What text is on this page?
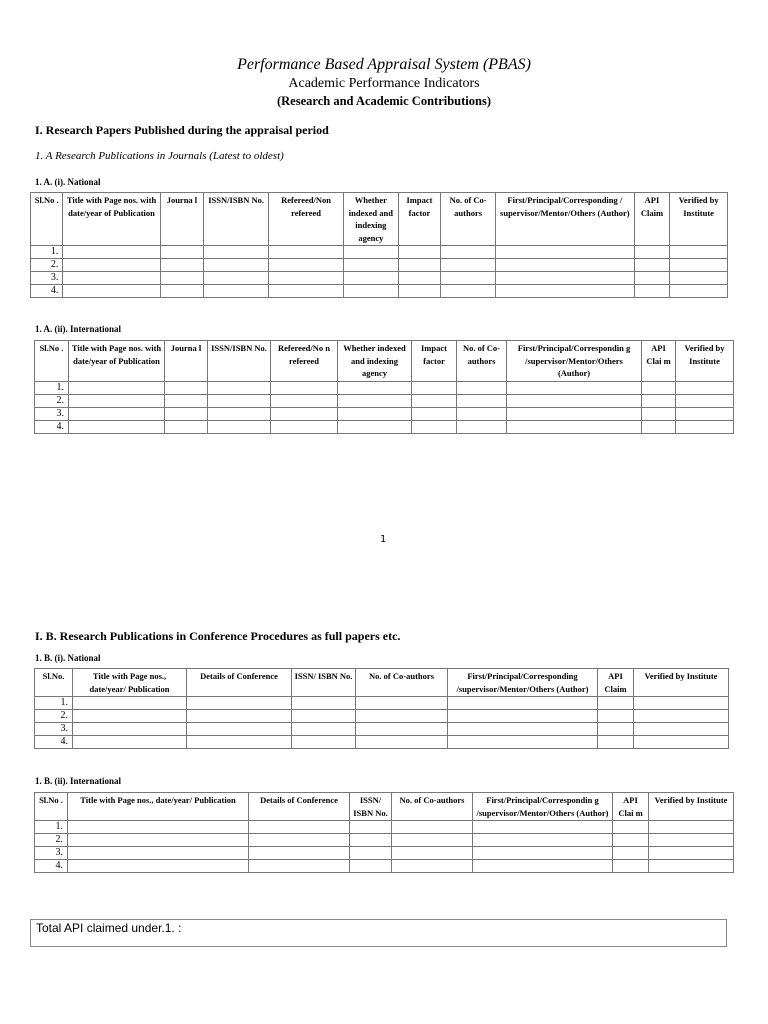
Performance Based Appraisal System (PBAS)
Academic Performance Indicators
(Research and Academic Contributions)
I. Research Papers Published during the appraisal period
1. A Research Publications in Journals (Latest to oldest)
1. A. (i). National
Sl.No .	Title with Page nos. with date/year of Publication	Journa l	ISSN/ISBN No.	Refereed/Non refereed	Whether indexed and indexing agency	Impact factor	No. of Co-authors	First/Principal/Corresponding / supervisor/Mentor/Others (Author)	API Claim	Verified by Institute
1.										
2.										
3.										
4.										
1. A. (ii). International
Sl.No .	Title with Page nos. with date/year of Publication	Journa l	ISSN/ISBN No.	Refereed/No n refereed	Whether indexed and indexing agency	Impact factor	No. of Co-authors	First/Principal/Correspondin g /supervisor/Mentor/Others (Author)	API Clai m	Verified by Institute
1.										
2.										
3.										
4.										
1
I. B. Research Publications in Conference Procedures as full papers etc.
1. B. (i). National
Sl.No.	Title with Page nos., date/year/ Publication	Details of Conference	ISSN/ ISBN No.	No. of Co-authors	First/Principal/Corresponding /supervisor/Mentor/Others (Author)	API Claim	Verified by Institute
1.							
2.							
3.							
4.							
1. B. (ii). International
Sl.No .	Title with Page nos., date/year/ Publication	Details of Conference	ISSN/ ISBN No.	No. of Co-authors	First/Principal/Correspondin g /supervisor/Mentor/Others (Author)	API Clai m	Verified by Institute
1.							
2.							
3.							
4.							
Total API claimed under.1. :
